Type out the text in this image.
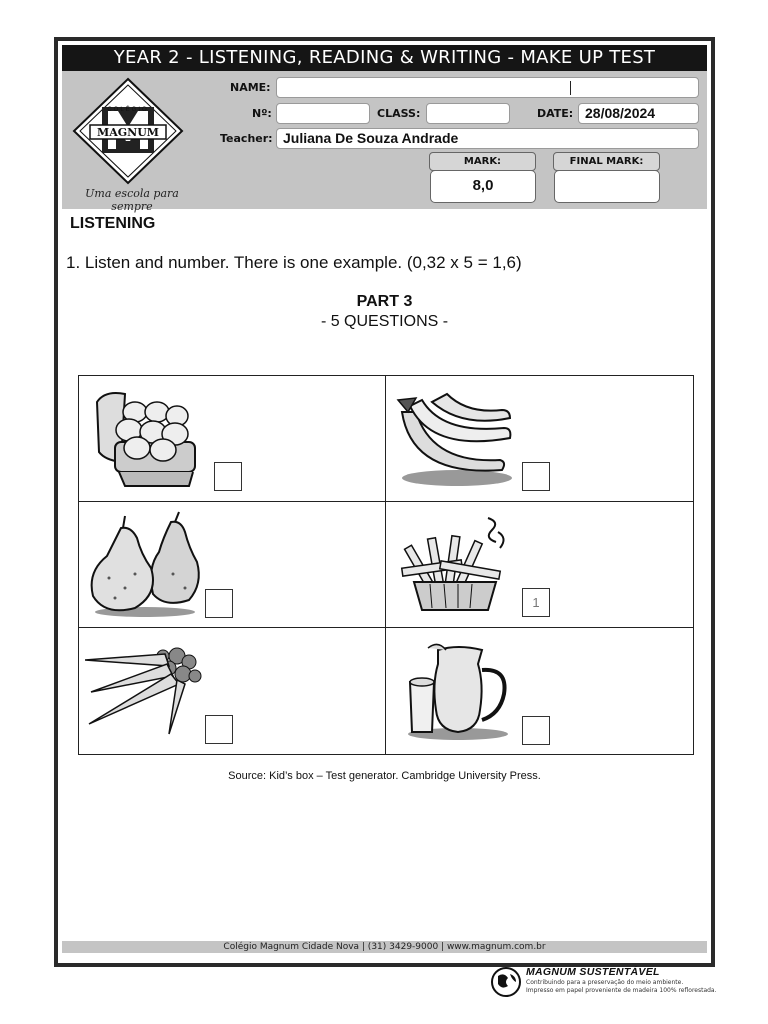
YEAR 2 - LISTENING, READING & WRITING - MAKE UP TEST
COLÉGIO
MAGNUM
AGOSTINIANO
Uma escola para sempre
NAME:
Nº:	CLASS:	DATE: 28/08/2024
Teacher: Juliana De Souza Andrade
MARK:
8,0
FINAL MARK:
LISTENING
1. Listen and number. There is one example. (0,32 x 5 = 1,6)
PART 3
- 5 QUESTIONS -
1
Source: Kid’s box – Test generator. Cambridge University Press.
Colégio Magnum Cidade Nova | (31) 3429-9000 | www.magnum.com.br
MAGNUM SUSTENTÁVEL
Contribuindo para a preservação do meio ambiente.
Impresso em papel proveniente de madeira 100% reflorestada.
